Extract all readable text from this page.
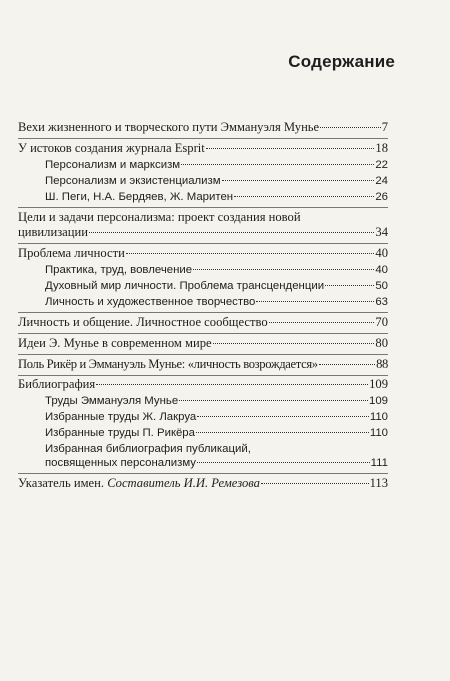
Содержание
Вехи жизненного и творческого пути Эммануэля Мунье	7
У истоков создания журнала Esprit	18
Персонализм и марксизм	22
Персонализм и экзистенциализм	24
Ш. Пеги, Н.А. Бердяев, Ж. Маритен	26
Цели и задачи персонализма: проект создания новой
цивилизации	34
Проблема личности	40
Практика, труд, вовлечение	40
Духовный мир личности. Проблема трансценденции	50
Личность и художественное творчество	63
Личность и общение. Личностное сообщество	70
Идеи Э. Мунье в современном мире	80
Поль Рикёр и Эммануэль Мунье: «личность возрождается»	88
Библиография	109
Труды Эммануэля Мунье	109
Избранные труды Ж. Лакруа	110
Избранные труды П. Рикёра	110
Избранная библиография публикаций,
посвященных персонализму	111
Указатель имен. Составитель И.И. Ремезова	113
